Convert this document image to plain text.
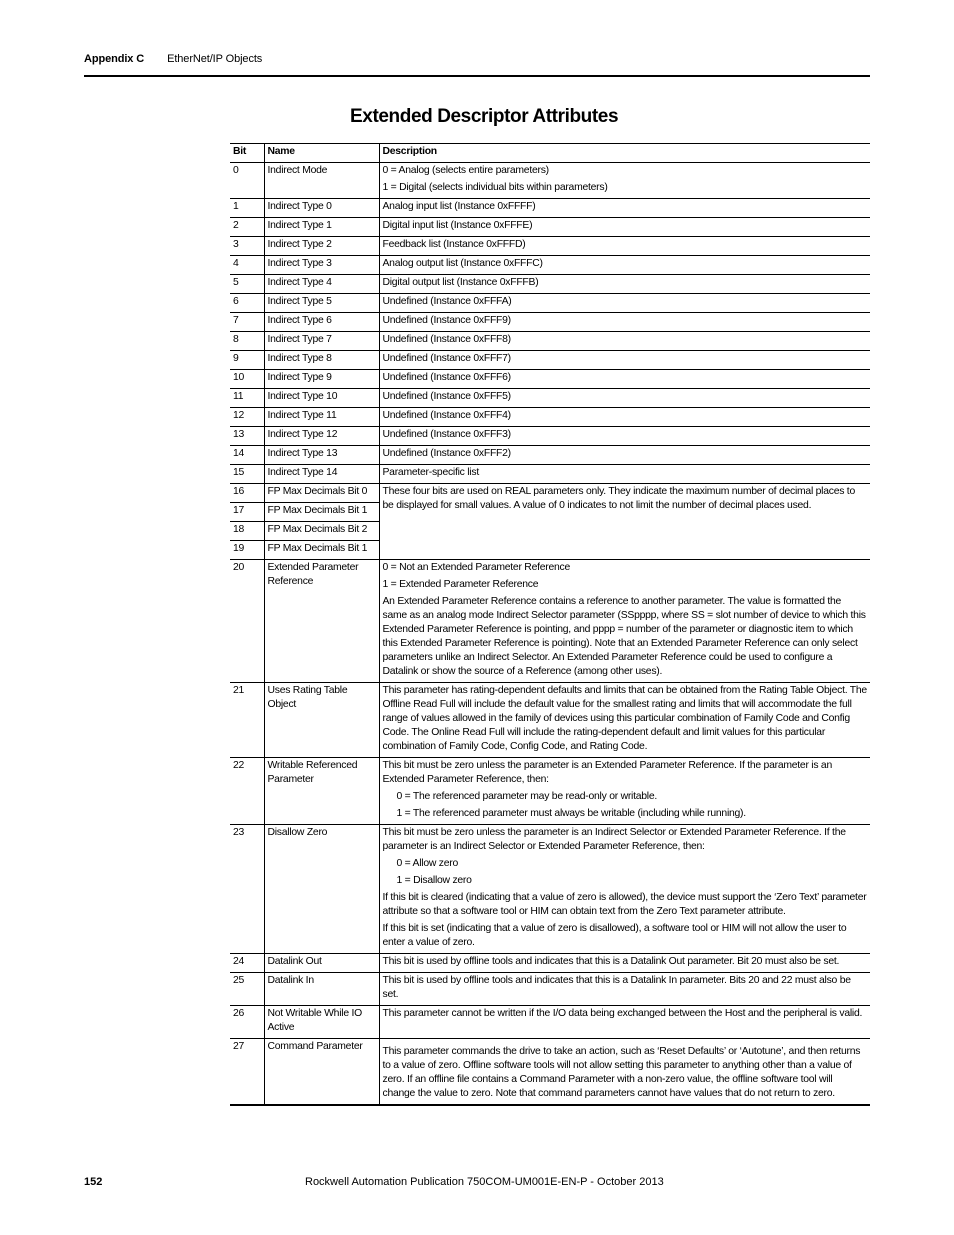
Appendix C EtherNet/IP Objects
Extended Descriptor Attributes
Bit	Name	Description
0	Indirect Mode	0 = Analog (selects entire parameters)
1 = Digital (selects individual bits within parameters)

1	Indirect Type 0	Analog input list (Instance 0xFFFF)

2	Indirect Type 1	Digital input list (Instance 0xFFFE)

3	Indirect Type 2	Feedback list (Instance 0xFFFD)

4	Indirect Type 3	Analog output list (Instance 0xFFFC)

5	Indirect Type 4	Digital output list (Instance 0xFFFB)

6	Indirect Type 5	Undefined (Instance 0xFFFA)

7	Indirect Type 6	Undefined (Instance 0xFFF9)

8	Indirect Type 7	Undefined (Instance 0xFFF8)

9	Indirect Type 8	Undefined (Instance 0xFFF7)

10	Indirect Type 9	Undefined (Instance 0xFFF6)

11	Indirect Type 10	Undefined (Instance 0xFFF5)

12	Indirect Type 11	Undefined (Instance 0xFFF4)

13	Indirect Type 12	Undefined (Instance 0xFFF3)

14	Indirect Type 13	Undefined (Instance 0xFFF2)

15	Indirect Type 14	Parameter-specific list

16	FP Max Decimals Bit 0	These four bits are used on REAL parameters only. They indicate the maximum number of decimal places to be displayed for small values. A value of 0 indicates to not limit the number of decimal places used.

17	FP Max Decimals Bit 1	
18	FP Max Decimals Bit 2	
19	FP Max Decimals Bit 1	
20	Extended Parameter Reference	0 = Not an Extended Parameter Reference
1 = Extended Parameter Reference
An Extended Parameter Reference contains a reference to another parameter. The value is formatted the same as an analog mode Indirect Selector parameter (SSpppp, where SS = slot number of device to which this Extended Parameter Reference is pointing, and pppp = number of the parameter or diagnostic item to which this Extended Parameter Reference is pointing). Note that an Extended Parameter Reference can only select parameters unlike an Indirect Selector. An Extended Parameter Reference could be used to configure a Datalink or show the source of a Reference (among other uses).

21	Uses Rating Table Object	This parameter has rating-dependent defaults and limits that can be obtained from the Rating Table Object. The Offline Read Full will include the default value for the smallest rating and limits that will accommodate the full range of values allowed in the family of devices using this particular combination of Family Code and Config Code. The Online Read Full will include the rating-dependent default and limit values for this particular combination of Family Code, Config Code, and Rating Code.

22	Writable Referenced Parameter	This bit must be zero unless the parameter is an Extended Parameter Reference. If the parameter is an Extended Parameter Reference, then:
0 = The referenced parameter may be read-only or writable.
1 = The referenced parameter must always be writable (including while running).

23	Disallow Zero	This bit must be zero unless the parameter is an Indirect Selector or Extended Parameter Reference. If the parameter is an Indirect Selector or Extended Parameter Reference, then:
0 = Allow zero
1 = Disallow zero
If this bit is cleared (indicating that a value of zero is allowed), the device must support the ‘Zero Text’ parameter attribute so that a software tool or HIM can obtain text from the Zero Text parameter attribute.
If this bit is set (indicating that a value of zero is disallowed), a software tool or HIM will not allow the user to enter a value of zero.

24	Datalink Out	This bit is used by offline tools and indicates that this is a Datalink Out parameter. Bit 20 must also be set.

25	Datalink In	This bit is used by offline tools and indicates that this is a Datalink In parameter. Bits 20 and 22 must also be set.

26	Not Writable While IO Active	This parameter cannot be written if the I/O data being exchanged between the Host and the peripheral is valid.

27	Command Parameter	This parameter commands the drive to take an action, such as ‘Reset Defaults’ or ‘Autotune’, and then returns to a value of zero. Offline software tools will not allow setting this parameter to anything other than a value of zero. If an offline file contains a Command Parameter with a non-zero value, the offline software tool will change the value to zero. Note that command parameters cannot have values that do not return to zero.
152	Rockwell Automation Publication 750COM-UM001E-EN-P - October 2013
